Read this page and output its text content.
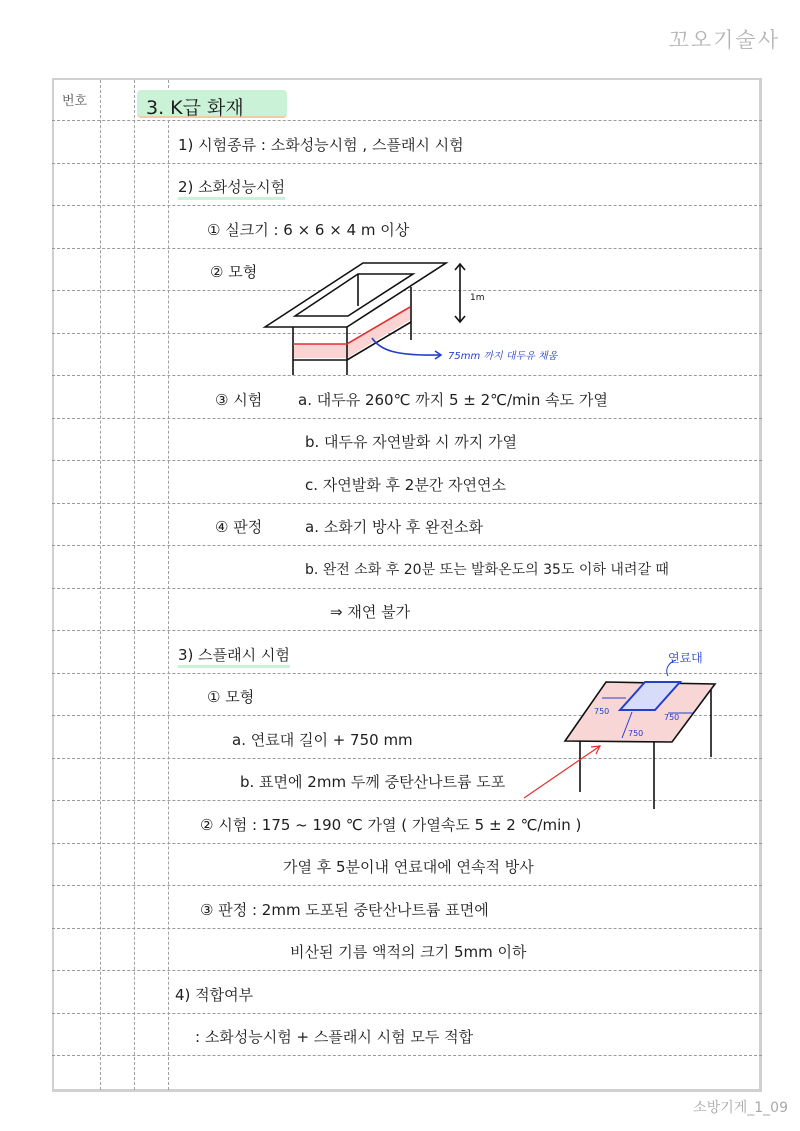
꼬오기술사
번호	3. K급 화재
1) 시험종류 : 소화성능시험 , 스플래시 시험
2) 소화성능시험
① 실크기 : 6 × 6 × 4 m 이상
② 모형
③ 시험 a. 대두유 260℃ 까지 5 ± 2℃/min 속도 가열
b. 대두유 자연발화 시 까지 가열
c. 자연발화 후 2분간 자연연소
④ 판정	a. 소화기 방사 후 완전소화
b. 완전 소화 후 20분 또는 발화온도의 35도 이하 내려갈 때
⇒ 재연 불가
3) 스플래시 시험
① 모형
a. 연료대 길이 + 750 mm
b. 표면에 2mm 두께 중탄산나트륨 도포
② 시험 : 175 ~ 190 ℃ 가열 ( 가열속도 5 ± 2 ℃/min )
가열 후 5분이내 연료대에 연속적 방사
③ 판정 : 2mm 도포된 중탄산나트륨 표면에
비산된 기름 액적의 크기 5mm 이하
4) 적합여부
: 소화성능시험 + 스플래시 시험 모두 적합
1m
75mm 까지 대두유 채움
연료대
750
750
750
소방기게_1_09
